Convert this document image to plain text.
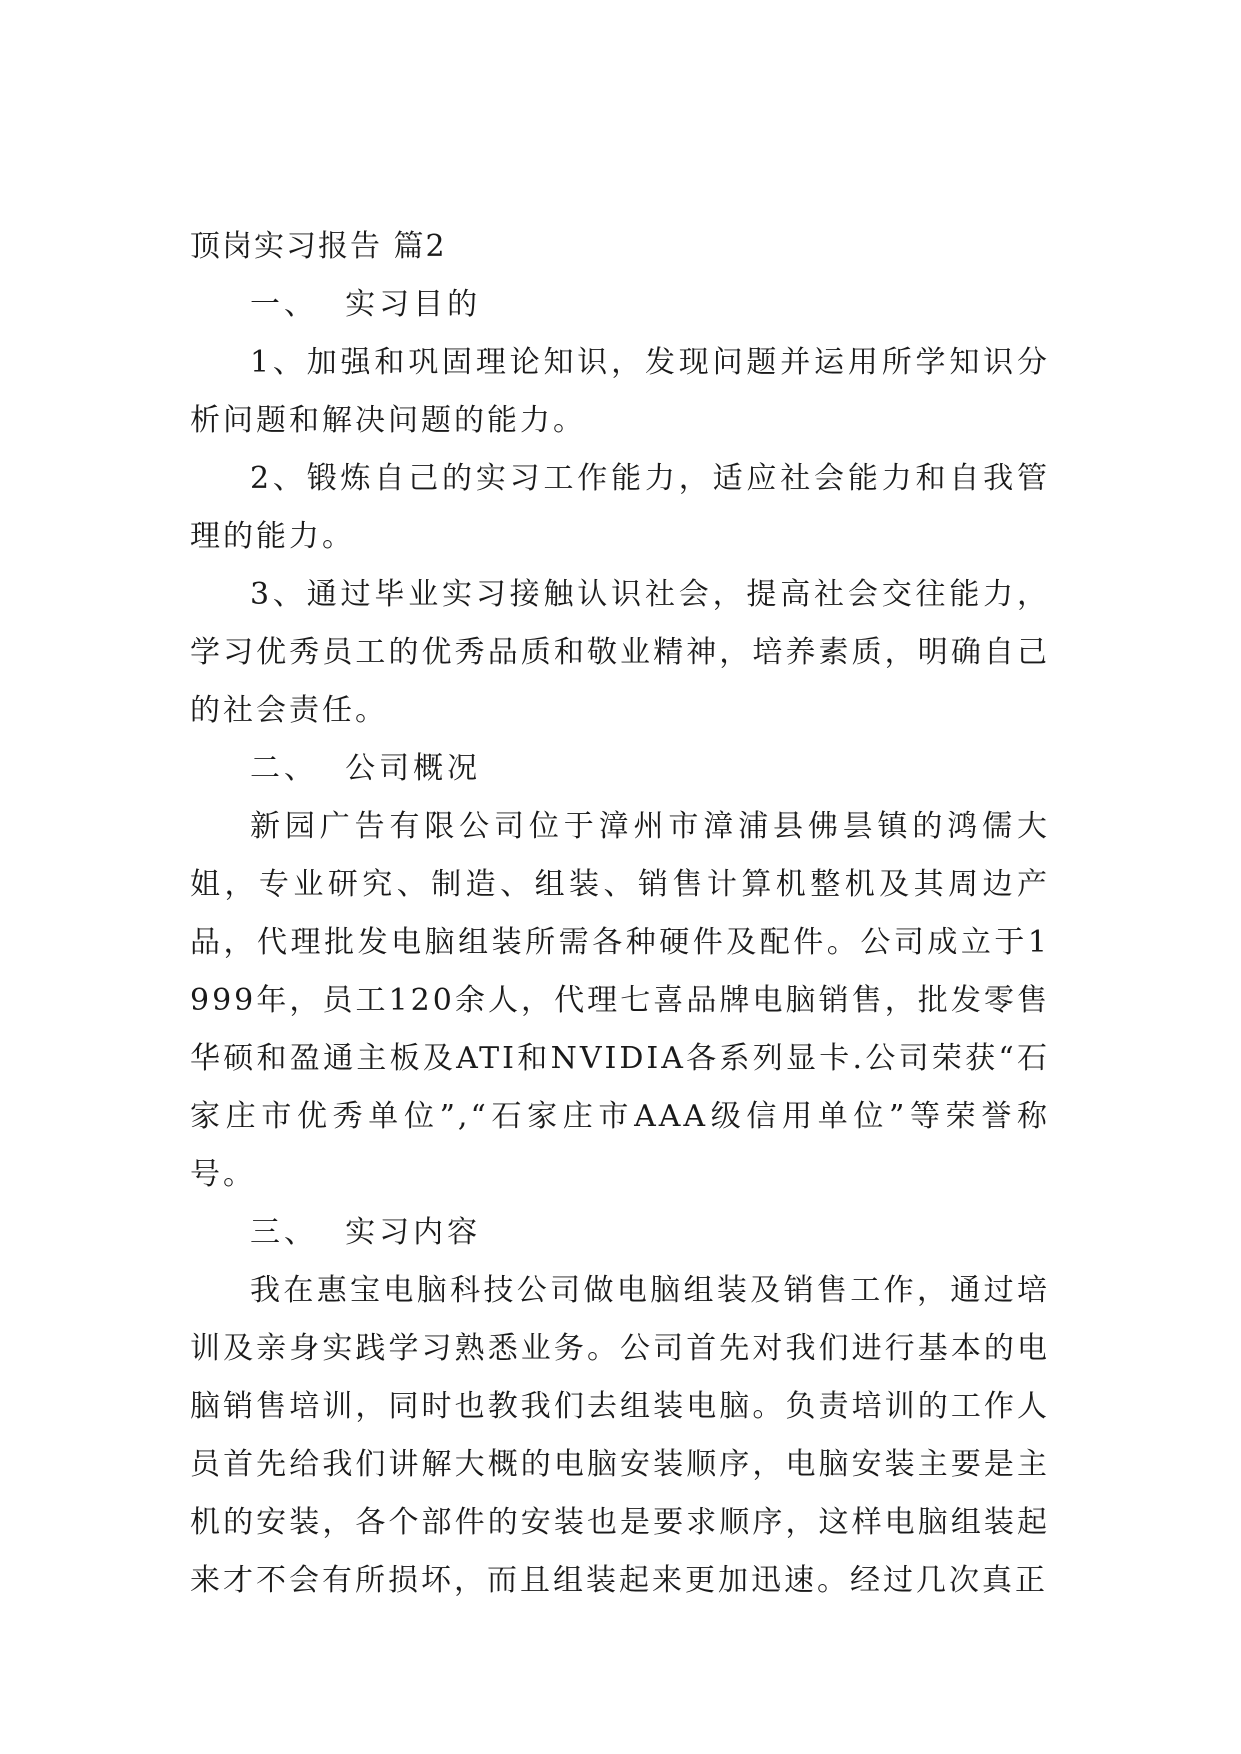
顶岗实习报告 篇2

一、  实习目的

1、加强和巩固理论知识，发现问题并运用所学知识分析问题和解决问题的能力。

2、锻炼自己的实习工作能力，适应社会能力和自我管理的能力。

3、通过毕业实习接触认识社会，提高社会交往能力，学习优秀员工的优秀品质和敬业精神，培养素质，明确自己的社会责任。

二、  公司概况

新园广告有限公司位于漳州市漳浦县佛昙镇的鸿儒大姐，专业研究、制造、组装、销售计算机整机及其周边产品，代理批发电脑组装所需各种硬件及配件。公司成立于1999年，员工120余人，代理七喜品牌电脑销售，批发零售华硕和盈通主板及ATI和NVIDIA各系列显卡.公司荣获“石家庄市优秀单位”,“石家庄市AAA级信用单位”等荣誉称号。

三、  实习内容

我在惠宝电脑科技公司做电脑组装及销售工作，通过培训及亲身实践学习熟悉业务。公司首先对我们进行基本的电脑销售培训，同时也教我们去组装电脑。负责培训的工作人员首先给我们讲解大概的电脑安装顺序，电脑安装主要是主机的安装，各个部件的安装也是要求顺序，这样电脑组装起来才不会有所损坏，而且组装起来更加迅速。经过几次真正
